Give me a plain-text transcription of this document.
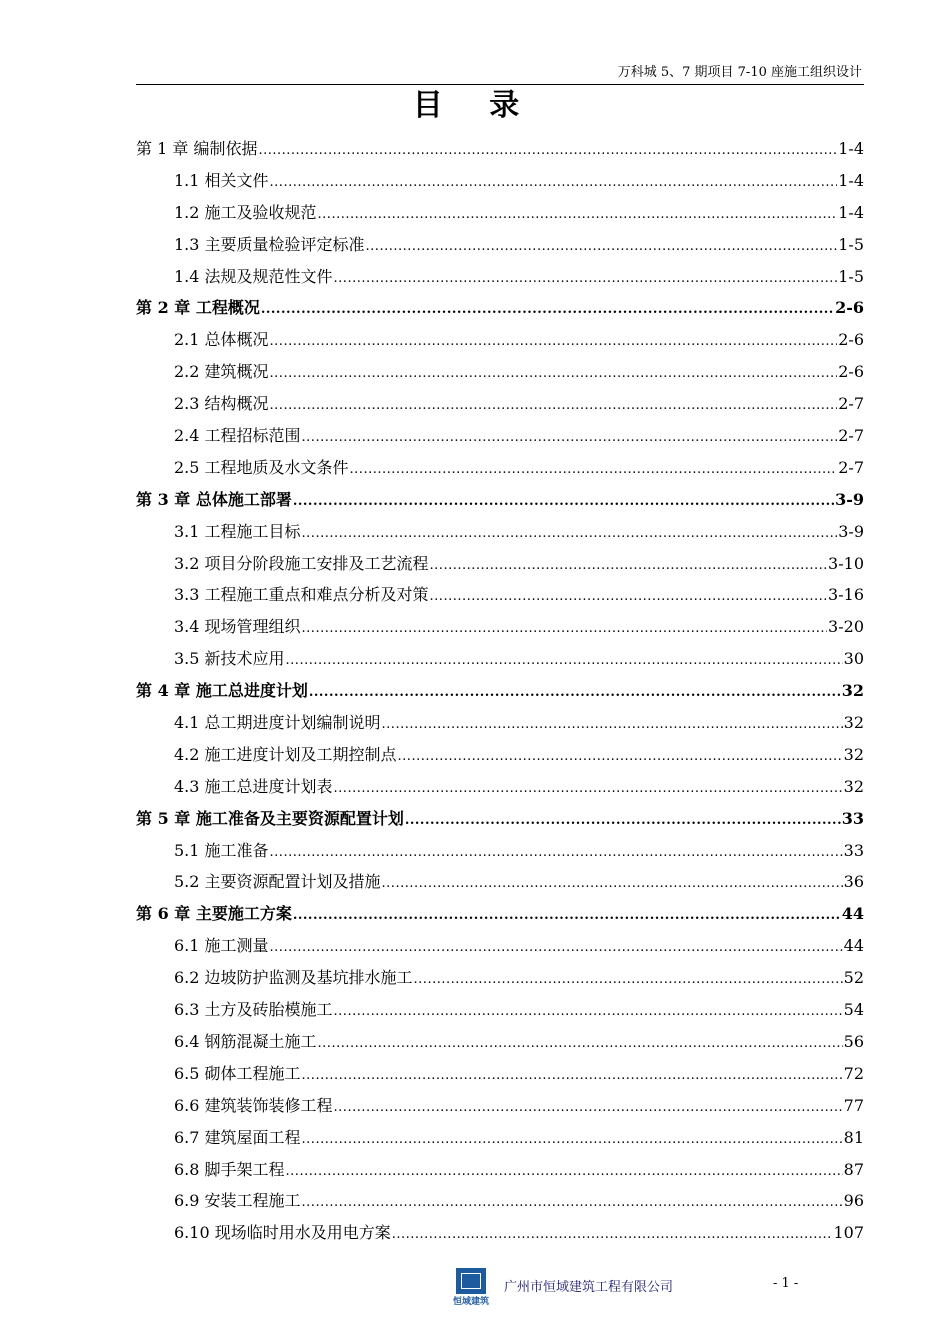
万科城 5、7 期项目 7-10 座施工组织设计
目 录
第 1 章 编制依据 .....	1-4
1.1 相关文件 .....	1-4
1.2 施工及验收规范 .....	1-4
1.3 主要质量检验评定标准 .....	1-5
1.4 法规及规范性文件 .....	1-5
第 2 章 工程概况 .....	2-6
2.1 总体概况 .....	2-6
2.2 建筑概况 .....	2-6
2.3 结构概况 .....	2-7
2.4 工程招标范围 .....	2-7
2.5 工程地质及水文条件 .....	2-7
第 3 章 总体施工部署 .....	3-9
3.1 工程施工目标 .....	3-9
3.2 项目分阶段施工安排及工艺流程 .....	3-10
3.3 工程施工重点和难点分析及对策 .....	3-16
3.4 现场管理组织 .....	3-20
3.5 新技术应用 .....	30
第 4 章 施工总进度计划 .....	32
4.1 总工期进度计划编制说明 .....	32
4.2 施工进度计划及工期控制点 .....	32
4.3 施工总进度计划表 .....	32
第 5 章 施工准备及主要资源配置计划 .....	33
5.1 施工准备 .....	33
5.2 主要资源配置计划及措施 .....	36
第 6 章 主要施工方案 .....	44
6.1 施工测量 .....	44
6.2 边坡防护监测及基坑排水施工 .....	52
6.3 土方及砖胎模施工 .....	54
6.4 钢筋混凝土施工 .....	56
6.5 砌体工程施工 .....	72
6.6 建筑装饰装修工程 .....	77
6.7 建筑屋面工程 .....	81
6.8 脚手架工程 .....	87
6.9 安装工程施工 .....	96
6.10 现场临时用水及用电方案 .....	107
恒域建筑
广州市恒域建筑工程有限公司	- 1 -
